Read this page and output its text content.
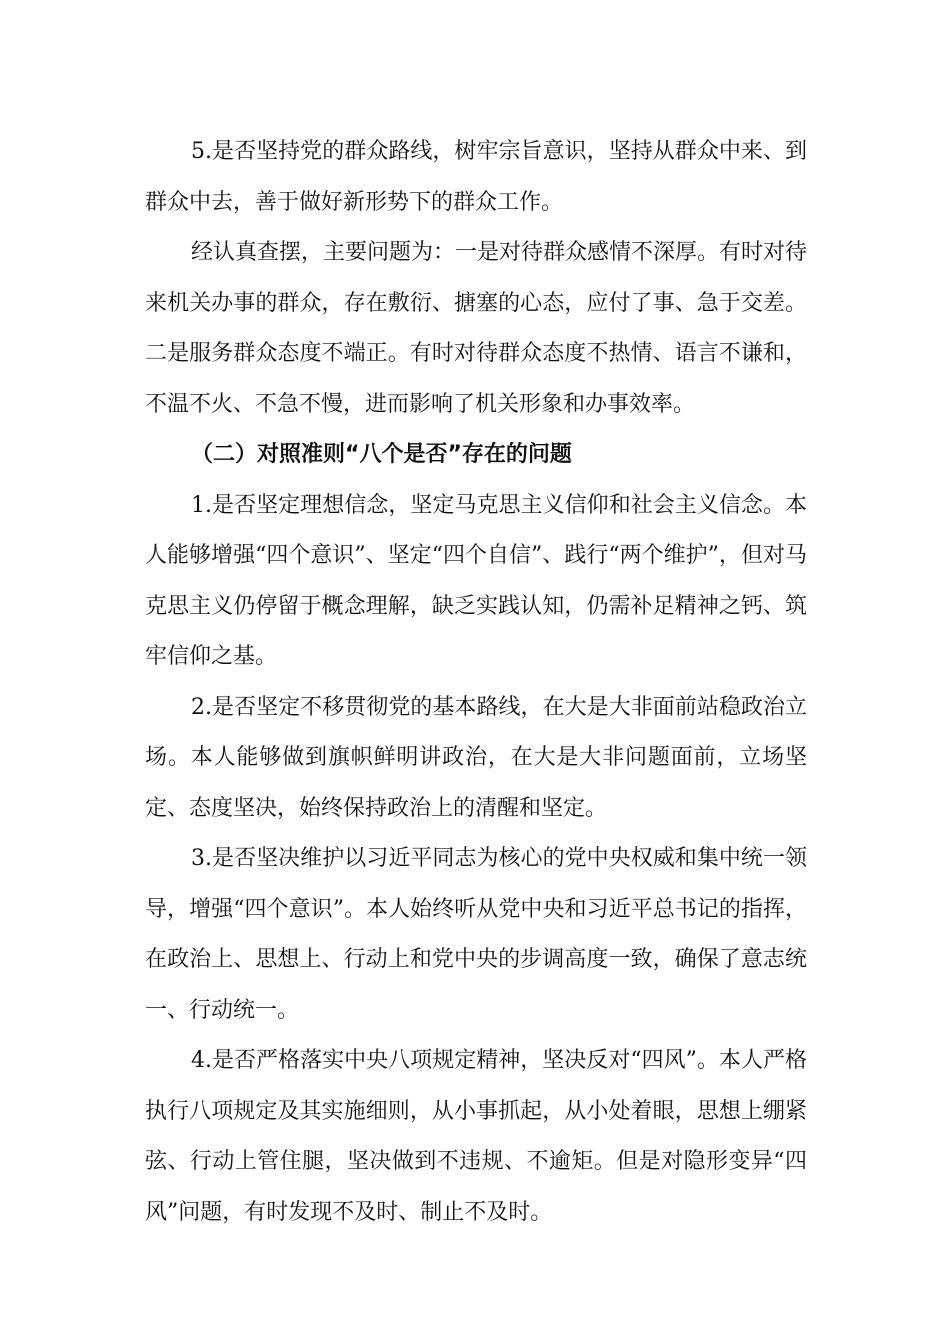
5.是否坚持党的群众路线，树牢宗旨意识，坚持从群众中来、到群众中去，善于做好新形势下的群众工作。

经认真查摆，主要问题为：一是对待群众感情不深厚。有时对待来机关办事的群众，存在敷衍、搪塞的心态，应付了事、急于交差。二是服务群众态度不端正。有时对待群众态度不热情、语言不谦和，不温不火、不急不慢，进而影响了机关形象和办事效率。

（二）对照准则“八个是否”存在的问题

1.是否坚定理想信念，坚定马克思主义信仰和社会主义信念。本人能够增强“四个意识”、坚定“四个自信”、践行“两个维护”，但对马克思主义仍停留于概念理解，缺乏实践认知，仍需补足精神之钙、筑牢信仰之基。

2.是否坚定不移贯彻党的基本路线，在大是大非面前站稳政治立场。本人能够做到旗帜鲜明讲政治，在大是大非问题面前，立场坚定、态度坚决，始终保持政治上的清醒和坚定。

3.是否坚决维护以习近平同志为核心的党中央权威和集中统一领导，增强“四个意识”。本人始终听从党中央和习近平总书记的指挥，在政治上、思想上、行动上和党中央的步调高度一致，确保了意志统一、行动统一。

4.是否严格落实中央八项规定精神，坚决反对“四风”。本人严格执行八项规定及其实施细则，从小事抓起，从小处着眼，思想上绷紧弦、行动上管住腿，坚决做到不违规、不逾矩。但是对隐形变异“四风”问题，有时发现不及时、制止不及时。
